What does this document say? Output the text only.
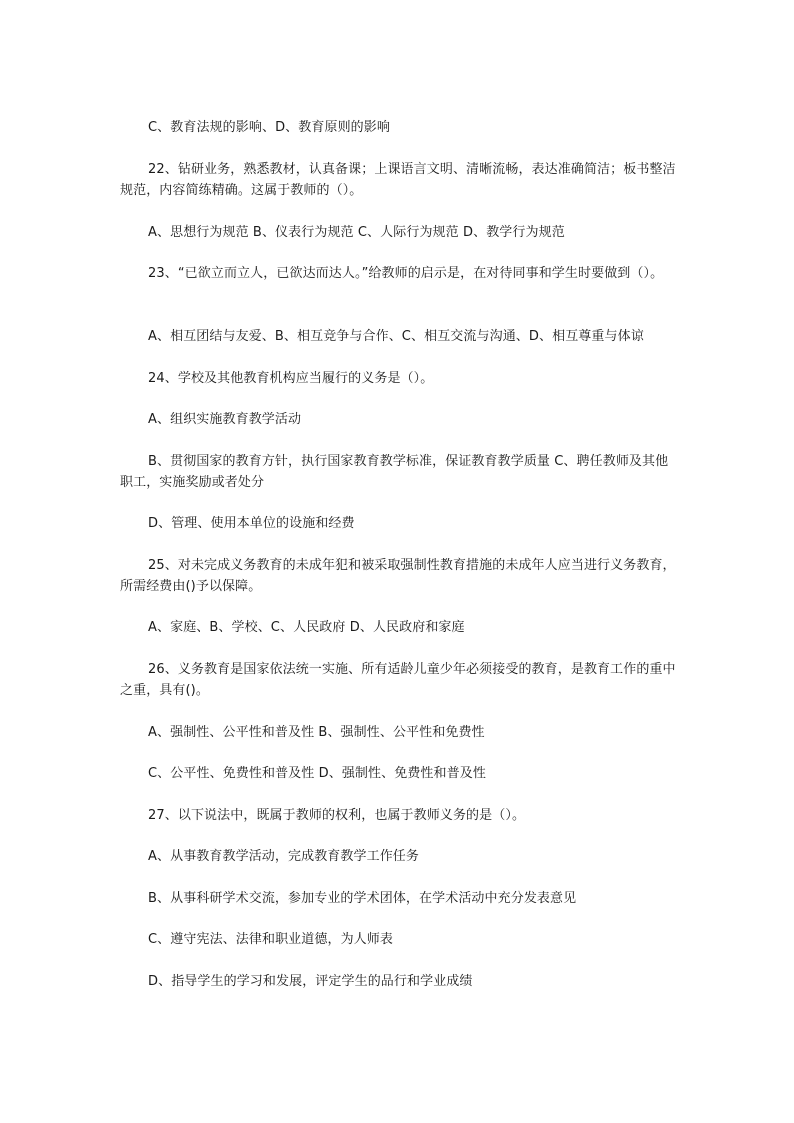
C、教育法规的影响、D、教育原则的影响

22、钻研业务，熟悉教材，认真备课；上课语言文明、清晰流畅，表达准确简洁；板书整洁规范，内容简练精确。这属于教师的（）。

A、思想行为规范 B、仪表行为规范 C、人际行为规范 D、教学行为规范

23、“已欲立而立人，已欲达而达人。”给教师的启示是，在对待同事和学生时要做到（）。

A、相互团结与友爱、B、相互竞争与合作、C、相互交流与沟通、D、相互尊重与体谅

24、学校及其他教育机构应当履行的义务是（）。

A、组织实施教育教学活动

B、贯彻国家的教育方针，执行国家教育教学标准，保证教育教学质量 C、聘任教师及其他职工，实施奖励或者处分

D、管理、使用本单位的设施和经费

25、对未完成义务教育的未成年犯和被采取强制性教育措施的未成年人应当进行义务教育，所需经费由()予以保障。

A、家庭、B、学校、C、人民政府 D、人民政府和家庭

26、义务教育是国家依法统一实施、所有适龄儿童少年必须接受的教育，是教育工作的重中之重，具有()。

A、强制性、公平性和普及性 B、强制性、公平性和免费性

C、公平性、免费性和普及性 D、强制性、免费性和普及性

27、以下说法中，既属于教师的权利，也属于教师义务的是（）。

A、从事教育教学活动，完成教育教学工作任务

B、从事科研学术交流，参加专业的学术团体，在学术活动中充分发表意见

C、遵守宪法、法律和职业道德，为人师表

D、指导学生的学习和发展，评定学生的品行和学业成绩
